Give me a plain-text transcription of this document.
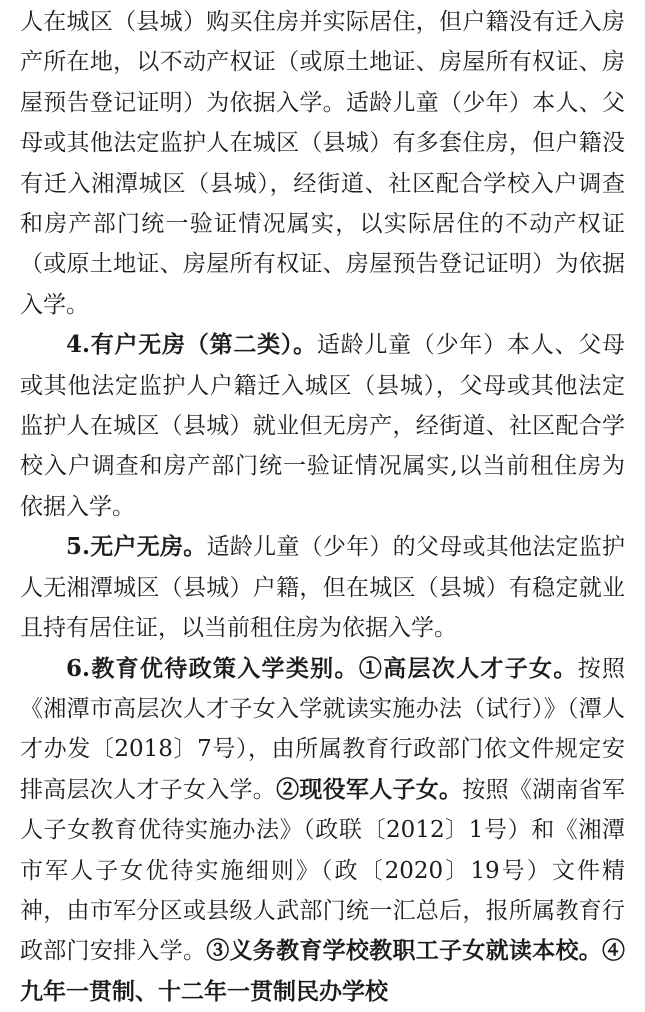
人在城区（县城）购买住房并实际居住，但户籍没有迁入房产所在地，以不动产权证（或原土地证、房屋所有权证、房屋预告登记证明）为依据入学。适龄儿童（少年）本人、父母或其他法定监护人在城区（县城）有多套住房，但户籍没有迁入湘潭城区（县城），经街道、社区配合学校入户调查和房产部门统一验证情况属实，以实际居住的不动产权证（或原土地证、房屋所有权证、房屋预告登记证明）为依据入学。

4.有户无房（第二类）。适龄儿童（少年）本人、父母或其他法定监护人户籍迁入城区（县城），父母或其他法定监护人在城区（县城）就业但无房产，经街道、社区配合学校入户调查和房产部门统一验证情况属实,以当前租住房为依据入学。

5.无户无房。适龄儿童（少年）的父母或其他法定监护人无湘潭城区（县城）户籍，但在城区（县城）有稳定就业且持有居住证，以当前租住房为依据入学。

6.教育优待政策入学类别。①高层次人才子女。按照《湘潭市高层次人才子女入学就读实施办法（试行）》（潭人才办发〔2018〕7号），由所属教育行政部门依文件规定安排高层次人才子女入学。②现役军人子女。按照《湖南省军人子女教育优待实施办法》（政联〔2012〕1号）和《湘潭市军人子女优待实施细则》（政〔2020〕19号）文件精神，由市军分区或县级人武部门统一汇总后，报所属教育行政部门安排入学。③义务教育学校教职工子女就读本校。④九年一贯制、十二年一贯制民办学校
